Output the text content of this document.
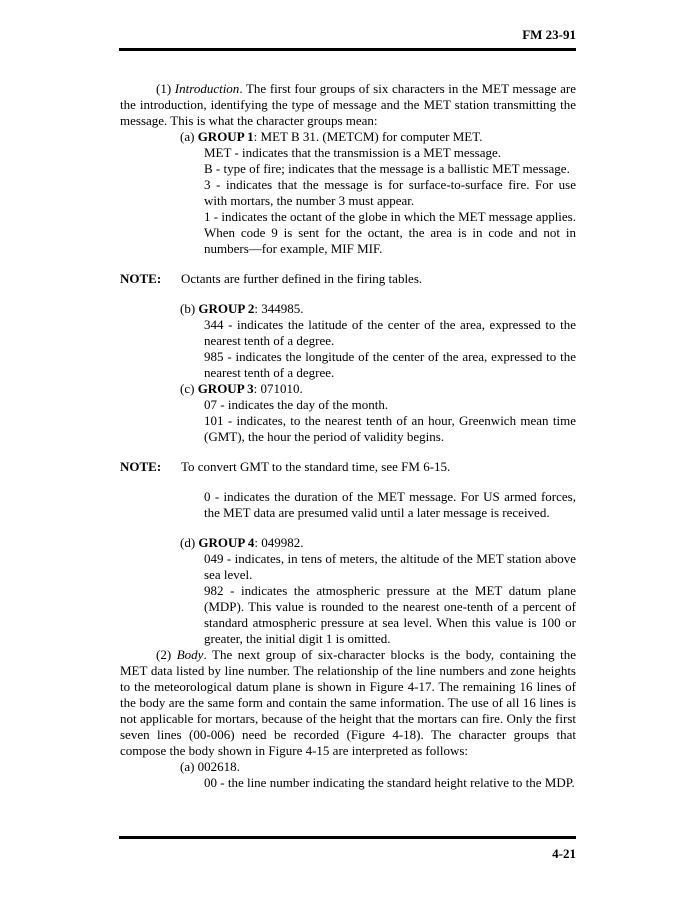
FM 23-91

(1) Introduction. The first four groups of six characters in the MET message are the introduction, identifying the type of message and the MET station transmitting the message. This is what the character groups mean:

(a) GROUP 1: MET B 31. (METCM) for computer MET.

MET - indicates that the transmission is a MET message.

B - type of fire; indicates that the message is a ballistic MET message.

3 - indicates that the message is for surface-to-surface fire. For use with mortars, the number 3 must appear.

1 - indicates the octant of the globe in which the MET message applies. When code 9 is sent for the octant, the area is in code and not in numbers—for example, MIF MIF.

NOTE: Octants are further defined in the firing tables.

(b) GROUP 2: 344985.

344 - indicates the latitude of the center of the area, expressed to the nearest tenth of a degree.

985 - indicates the longitude of the center of the area, expressed to the nearest tenth of a degree.

(c) GROUP 3: 071010.

07 - indicates the day of the month.

101 - indicates, to the nearest tenth of an hour, Greenwich mean time (GMT), the hour the period of validity begins.

NOTE: To convert GMT to the standard time, see FM 6-15.

0 - indicates the duration of the MET message. For US armed forces, the MET data are presumed valid until a later message is received.

(d) GROUP 4: 049982.

049 - indicates, in tens of meters, the altitude of the MET station above sea level.

982 - indicates the atmospheric pressure at the MET datum plane (MDP). This value is rounded to the nearest one-tenth of a percent of standard atmospheric pressure at sea level. When this value is 100 or greater, the initial digit 1 is omitted.

(2) Body. The next group of six-character blocks is the body, containing the MET data listed by line number. The relationship of the line numbers and zone heights to the meteorological datum plane is shown in Figure 4-17. The remaining 16 lines of the body are the same form and contain the same information. The use of all 16 lines is not applicable for mortars, because of the height that the mortars can fire. Only the first seven lines (00-006) need be recorded (Figure 4-18). The character groups that compose the body shown in Figure 4-15 are interpreted as follows:

(a) 002618.

00 - the line number indicating the standard height relative to the MDP.

4-21
